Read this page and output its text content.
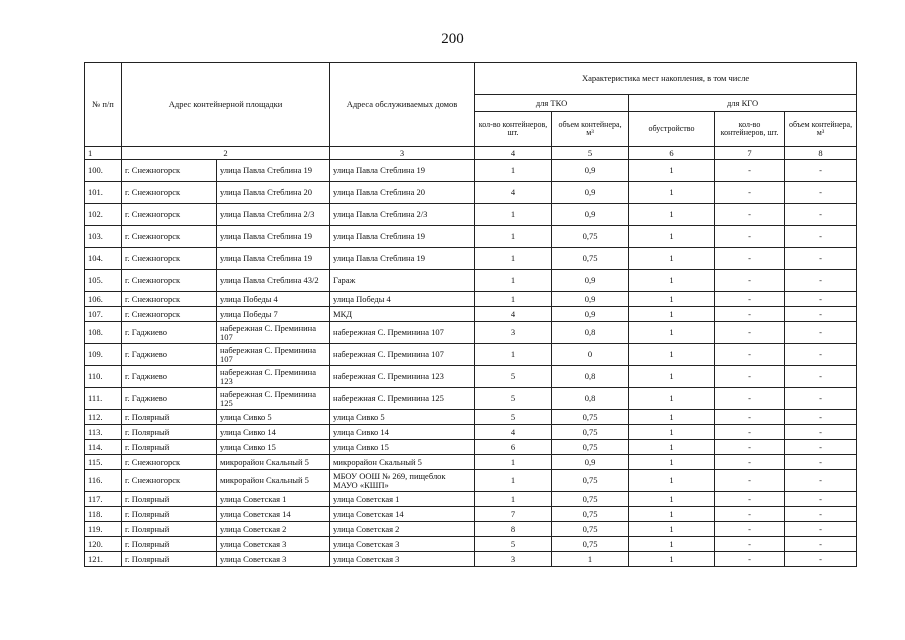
200
№ п/п	Адрес контейнерной площадки		Адреса обслуживаемых домов	Характеристика мест накопления, в том числе				
				для ТКО		для КГО		
				кол-во контейнеров, шт.	объем контейнера, м³	обустройство	кол-во контейнеров, шт.	объем контейнера, м³
1	2		3	4	5	6	7	8
100.	г. Снежногорск	улица Павла Стеблина 19	улица Павла Стеблина 19	1	0,9	1	-	-
101.	г. Снежногорск	улица Павла Стеблина 20	улица Павла Стеблина 20	4	0,9	1	-	-
102.	г. Снежногорск	улица Павла Стеблина 2/3	улица Павла Стеблина 2/3	1	0,9	1	-	-
103.	г. Снежногорск	улица Павла Стеблина 19	улица Павла Стеблина 19	1	0,75	1	-	-
104.	г. Снежногорск	улица Павла Стеблина 19	улица Павла Стеблина 19	1	0,75	1	-	-
105.	г. Снежногорск	улица Павла Стеблина 43/2	Гараж	1	0,9	1	-	-
106.	г. Снежногорск	улица Победы 4	улица Победы 4	1	0,9	1	-	-
107.	г. Снежногорск	улица Победы 7	МКД	4	0,9	1	-	-
108.	г. Гаджиево	набережная С. Преминина 107	набережная С. Преминина 107	3	0,8	1	-	-
109.	г. Гаджиево	набережная С. Преминина 107	набережная С. Преминина 107	1	0	1	-	-
110.	г. Гаджиево	набережная С. Преминина 123	набережная С. Преминина 123	5	0,8	1	-	-
111.	г. Гаджиево	набережная С. Преминина 125	набережная С. Преминина 125	5	0,8	1	-	-
112.	г. Полярный	улица Сивко 5	улица Сивко 5	5	0,75	1	-	-
113.	г. Полярный	улица Сивко 14	улица Сивко 14	4	0,75	1	-	-
114.	г. Полярный	улица Сивко 15	улица Сивко 15	6	0,75	1	-	-
115.	г. Снежногорск	микрорайон Скальный 5	микрорайон Скальный 5	1	0,9	1	-	-
116.	г. Снежногорск	микрорайон Скальный 5	МБОУ ООШ № 269, пищеблок МАУО «КШП»	1	0,75	1	-	-
117.	г. Полярный	улица Советская 1	улица Советская 1	1	0,75	1	-	-
118.	г. Полярный	улица Советская 14	улица Советская 14	7	0,75	1	-	-
119.	г. Полярный	улица Советская 2	улица Советская 2	8	0,75	1	-	-
120.	г. Полярный	улица Советская 3	улица Советская 3	5	0,75	1	-	-
121.	г. Полярный	улица Советская 3	улица Советская 3	3	1	1	-	-
